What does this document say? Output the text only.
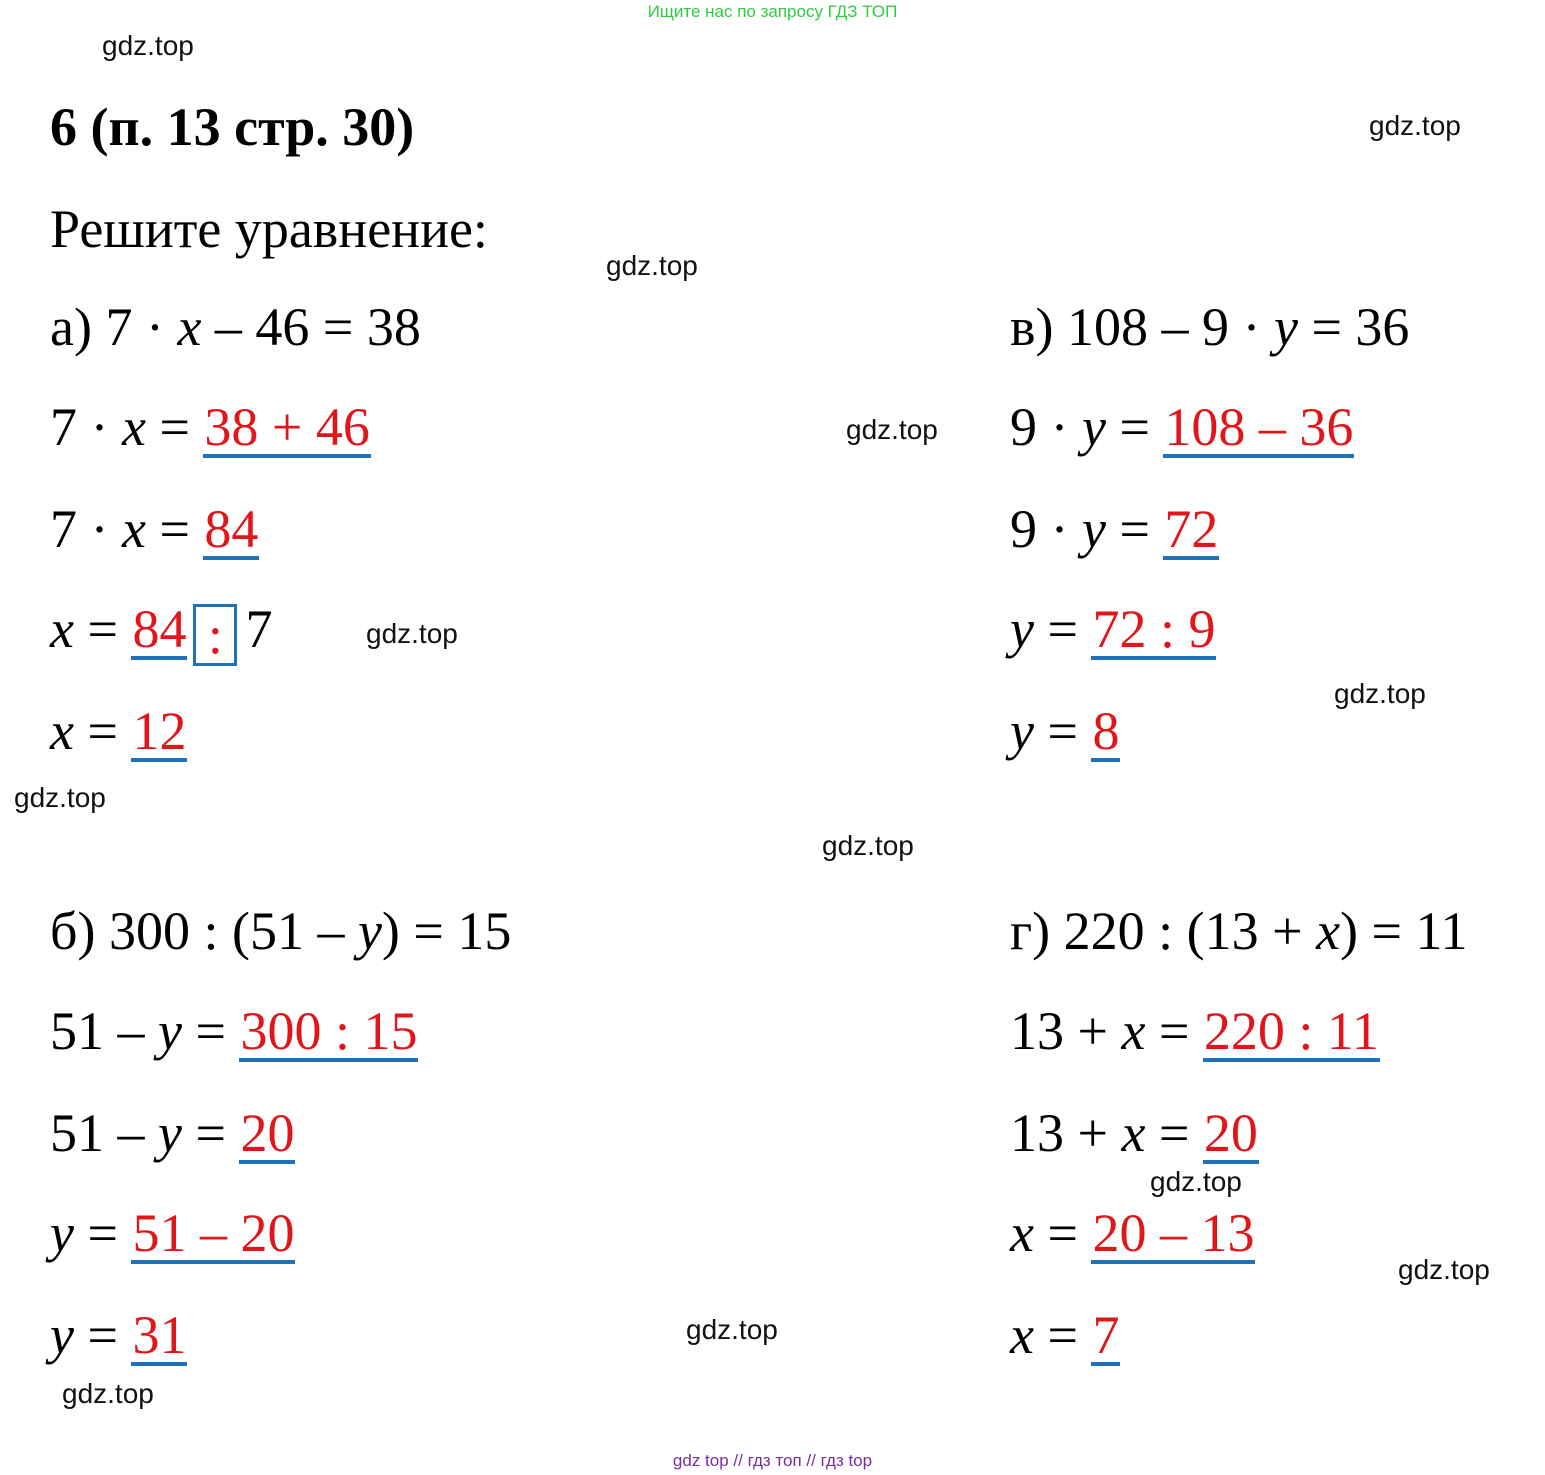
Ищите нас по запросу ГДЗ ТОП
gdz.top
gdz.top
gdz.top
gdz.top
gdz.top
gdz.top
gdz.top
gdz.top
gdz.top
gdz.top
gdz.top
gdz.top
6 (п. 13 стр. 30)
Решите уравнение:
а) 7 · x – 46 = 38
7 · x = 38 + 46
7 · x = 84
x = 84 : 7
x = 12
в) 108 – 9 · y = 36
9 · y = 108 – 36
9 · y = 72
y = 72 : 9
y = 8
б) 300 : (51 – y) = 15
51 – y = 300 : 15
51 – y = 20
y = 51 – 20
y = 31
г) 220 : (13 + x) = 11
13 + x = 220 : 11
13 + x = 20
x = 20 – 13
x = 7
gdz top // гдз топ // гдз top
